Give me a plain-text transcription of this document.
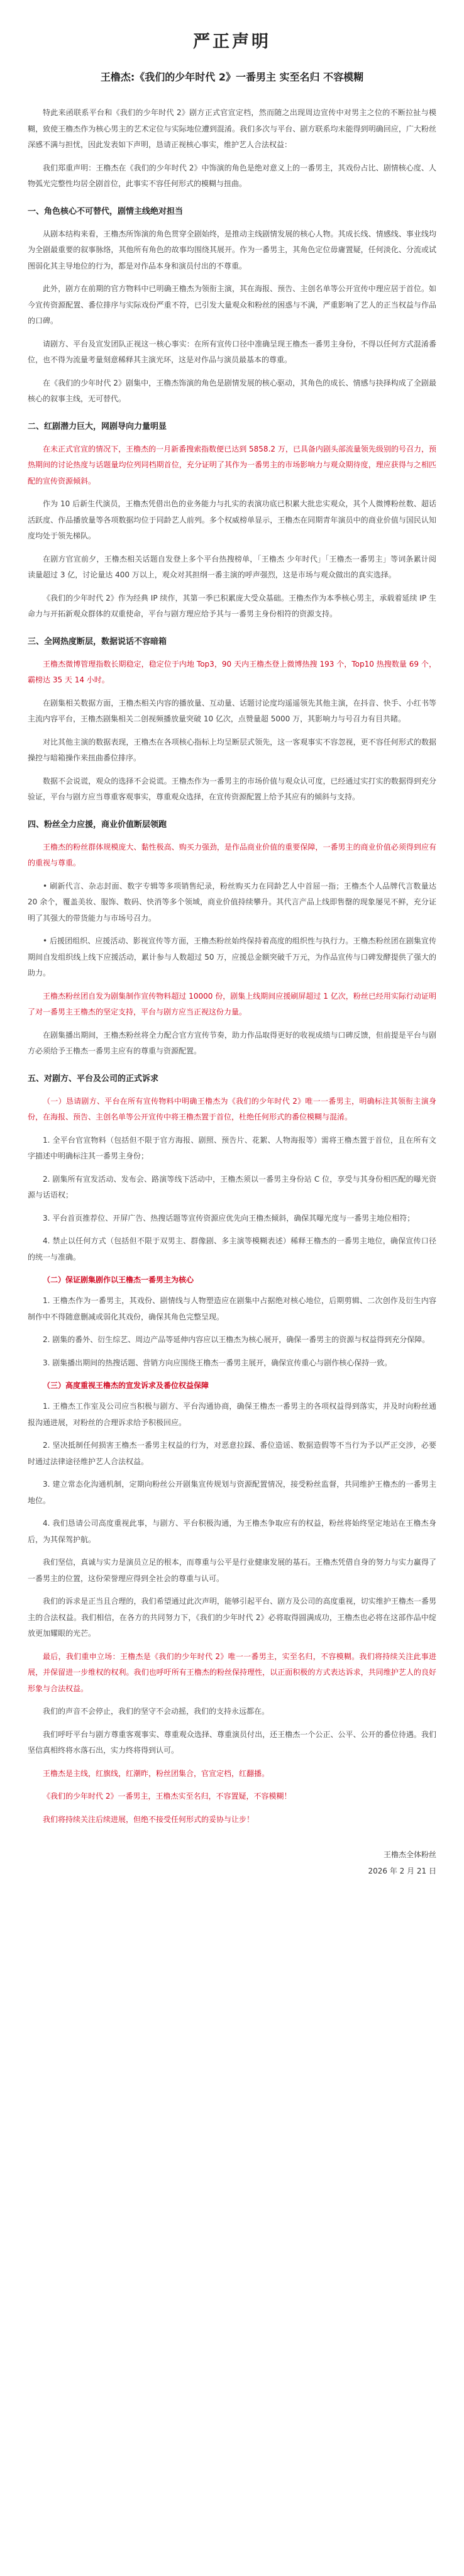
严正声明
王橹杰:《我们的少年时代 2》一番男主 实至名归 不容模糊
特此来函联系平台和《我们的少年时代 2》剧方正式官宣定档，然而随之出现周边宣传中对男主之位的不断拉扯与模糊，致使王橹杰作为核心男主的艺术定位与实际地位遭到混淆。我们多次与平台、剧方联系均未能得到明确回应，广大粉丝深感不满与担忧，因此发表如下声明，恳请正视核心事实，维护艺人合法权益：
我们郑重声明：王橹杰在《我们的少年时代 2》中饰演的角色是绝对意义上的一番男主，其戏份占比、剧情核心度、人物弧光完整性均居全剧首位，此事实不容任何形式的模糊与扭曲。
一、角色核心不可替代，剧情主线绝对担当
从剧本结构来看，王橹杰所饰演的角色贯穿全剧始终，是推动主线剧情发展的核心人物。其成长线、情感线、事业线均为全剧最重要的叙事脉络，其他所有角色的故事均围绕其展开。作为一番男主，其角色定位毋庸置疑，任何淡化、分流或试图弱化其主导地位的行为，都是对作品本身和演员付出的不尊重。
此外，剧方在前期的官方物料中已明确王橹杰为领衔主演，其在海报、预告、主创名单等公开宣传中理应居于首位。如今宣传资源配置、番位排序与实际戏份严重不符，已引发大量观众和粉丝的困惑与不满，严重影响了艺人的正当权益与作品的口碑。
请剧方、平台及宣发团队正视这一核心事实：在所有宣传口径中准确呈现王橹杰一番男主身份，不得以任何方式混淆番位，也不得为流量考量刻意稀释其主演光环，这是对作品与演员最基本的尊重。
在《我们的少年时代 2》剧集中，王橹杰饰演的角色是剧情发展的核心驱动，其角色的成长、情感与抉择构成了全剧最核心的叙事主线，无可替代。
二、红剧潜力巨大，网剧导向力量明显
在未正式官宣的情况下，王橹杰的一月新番搜索指数便已达到 5858.2 万，已具备内剧头部流量领先级别的号召力，预热期间的讨论热度与话题量均位列同档期首位，充分证明了其作为一番男主的市场影响力与观众期待度，理应获得与之相匹配的宣传资源倾斜。
作为 10 后新生代演员，王橹杰凭借出色的业务能力与扎实的表演功底已积累大批忠实观众，其个人微博粉丝数、超话活跃度、作品播放量等各项数据均位于同龄艺人前列。多个权威榜单显示，王橹杰在同期青年演员中的商业价值与国民认知度均处于领先梯队。
在剧方官宣前夕，王橹杰相关话题自发登上多个平台热搜榜单，「王橹杰 少年时代」「王橹杰一番男主」等词条累计阅读量超过 3 亿，讨论量达 400 万以上，观众对其担纲一番主演的呼声强烈，这是市场与观众做出的真实选择。
《我们的少年时代 2》作为经典 IP 续作，其第一季已积累庞大受众基础。王橹杰作为本季核心男主，承载着延续 IP 生命力与开拓新观众群体的双重使命，平台与剧方理应给予其与一番男主身份相符的资源支持。
三、全网热度断层，数据说话不容暗箱
王橹杰微博管理指数长期稳定，稳定位于内地 Top3，90 天内王橹杰登上微博热搜 193 个，Top10 热搜数量 69 个，霸榜达 35 天 14 小时。
在剧集相关数据方面，王橹杰相关内容的播放量、互动量、话题讨论度均遥遥领先其他主演，在抖音、快手、小红书等主流内容平台，王橹杰剧集相关二创视频播放量突破 10 亿次，点赞量超 5000 万，其影响力与号召力有目共睹。
对比其他主演的数据表现，王橹杰在各项核心指标上均呈断层式领先，这一客观事实不容忽视，更不容任何形式的数据操控与暗箱操作来扭曲番位排序。
数据不会说谎，观众的选择不会说谎。王橹杰作为一番男主的市场价值与观众认可度，已经通过实打实的数据得到充分验证，平台与剧方应当尊重客观事实，尊重观众选择，在宣传资源配置上给予其应有的倾斜与支持。
四、粉丝全力应援，商业价值断层领跑
王橹杰的粉丝群体规模庞大、黏性极高、购买力强劲，是作品商业价值的重要保障，一番男主的商业价值必须得到应有的重视与尊重。
• 刷新代言、杂志封面、数字专辑等多项销售纪录，粉丝购买力在同龄艺人中首屈一指；王橹杰个人品牌代言数量达 20 余个，覆盖美妆、服饰、数码、快消等多个领域，商业价值持续攀升。其代言产品上线即售罄的现象屡见不鲜，充分证明了其强大的带货能力与市场号召力。
• 后援团组织、应援活动、影视宣传等方面，王橹杰粉丝始终保持着高度的组织性与执行力。王橹杰粉丝团在剧集宣传期间自发组织线上线下应援活动，累计参与人数超过 50 万，应援总金额突破千万元，为作品宣传与口碑发酵提供了强大的助力。
王橹杰粉丝团自发为剧集制作宣传物料超过 10000 份，剧集上线期间应援刷屏超过 1 亿次，粉丝已经用实际行动证明了对一番男主王橹杰的坚定支持，平台与剧方应当正视这份力量。
在剧集播出期间，王橹杰粉丝将全力配合官方宣传节奏，助力作品取得更好的收视成绩与口碑反馈，但前提是平台与剧方必须给予王橹杰一番男主应有的尊重与资源配置。
五、对剧方、平台及公司的正式诉求
（一）恳请剧方、平台在所有宣传物料中明确王橹杰为《我们的少年时代 2》唯一一番男主，明确标注其领衔主演身份，在海报、预告、主创名单等公开宣传中将王橹杰置于首位，杜绝任何形式的番位模糊与混淆。
1. 全平台官宣物料（包括但不限于官方海报、剧照、预告片、花絮、人物海报等）需将王橹杰置于首位，且在所有文字描述中明确标注其一番男主身份；
2. 剧集所有宣发活动、发布会、路演等线下活动中，王橹杰须以一番男主身份站 C 位，享受与其身份相匹配的曝光资源与话语权；
3. 平台首页推荐位、开屏广告、热搜话题等宣传资源应优先向王橹杰倾斜，确保其曝光度与一番男主地位相符；
4. 禁止以任何方式（包括但不限于双男主、群像剧、多主演等模糊表述）稀释王橹杰的一番男主地位，确保宣传口径的统一与准确。
（二）保证剧集剧作以王橹杰一番男主为核心
1. 王橹杰作为一番男主，其戏份、剧情线与人物塑造应在剧集中占据绝对核心地位，后期剪辑、二次创作及衍生内容制作中不得随意删减或弱化其戏份，确保其角色完整呈现。
2. 剧集的番外、衍生综艺、周边产品等延伸内容应以王橹杰为核心展开，确保一番男主的资源与权益得到充分保障。
3. 剧集播出期间的热搜话题、营销方向应围绕王橹杰一番男主展开，确保宣传重心与剧作核心保持一致。
（三）高度重视王橹杰的宣发诉求及番位权益保障
1. 王橹杰工作室及公司应当积极与剧方、平台沟通协商，确保王橹杰一番男主的各项权益得到落实，并及时向粉丝通报沟通进展，对粉丝的合理诉求给予积极回应。
2. 坚决抵制任何损害王橹杰一番男主权益的行为，对恶意拉踩、番位造谣、数据造假等不当行为予以严正交涉，必要时通过法律途径维护艺人合法权益。
3. 建立常态化沟通机制，定期向粉丝公开剧集宣传规划与资源配置情况，接受粉丝监督，共同维护王橹杰的一番男主地位。
4. 我们恳请公司高度重视此事，与剧方、平台积极沟通，为王橹杰争取应有的权益，粉丝将始终坚定地站在王橹杰身后，为其保驾护航。
我们坚信，真诚与实力是演员立足的根本，而尊重与公平是行业健康发展的基石。王橹杰凭借自身的努力与实力赢得了一番男主的位置，这份荣誉理应得到全社会的尊重与认可。
我们的诉求是正当且合理的，我们希望通过此次声明，能够引起平台、剧方及公司的高度重视，切实维护王橹杰一番男主的合法权益。我们相信，在各方的共同努力下，《我们的少年时代 2》必将取得圆满成功，王橹杰也必将在这部作品中绽放更加耀眼的光芒。
最后，我们重申立场：王橹杰是《我们的少年时代 2》唯一一番男主，实至名归，不容模糊。我们将持续关注此事进展，并保留进一步维权的权利。我们也呼吁所有王橹杰的粉丝保持理性，以正面积极的方式表达诉求，共同维护艺人的良好形象与合法权益。
我们的声音不会停止，我们的坚守不会动摇，我们的支持永远都在。
我们呼吁平台与剧方尊重客观事实、尊重观众选择、尊重演员付出，还王橹杰一个公正、公平、公开的番位待遇。我们坚信真相终将水落石出，实力终将得到认可。
王橹杰是主线，红旗线，红潮昨，粉丝团集合，官宣定档，红翻播。
《我们的少年时代 2》一番男主，王橹杰实至名归，不容置疑，不容模糊！
我们将持续关注后续进展，但绝不接受任何形式的妥协与让步！
王橹杰全体粉丝
2026 年 2 月 21 日
